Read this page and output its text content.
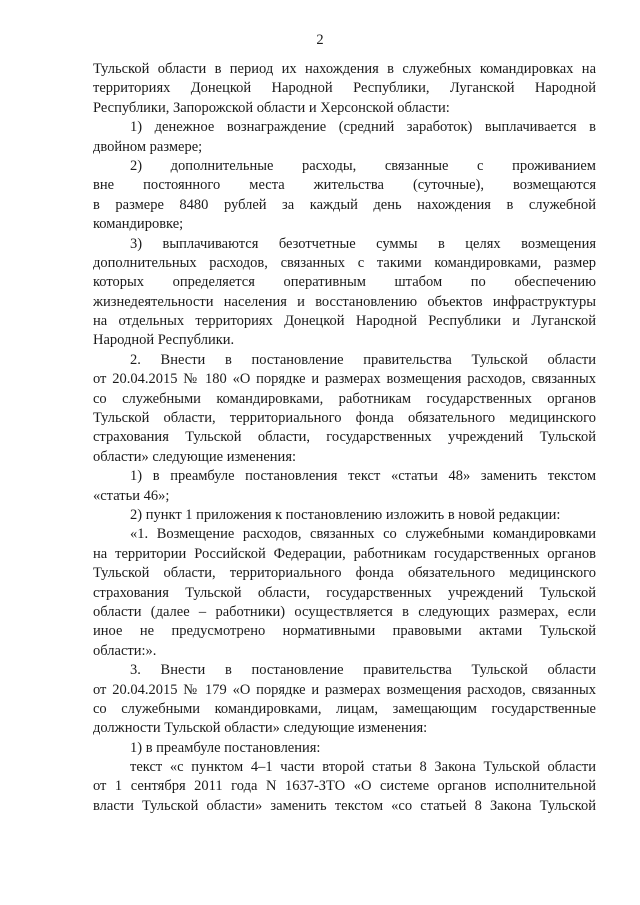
2
Тульской области в период их нахождения в служебных командировках на
территориях Донецкой Народной Республики, Луганской Народной
Республики, Запорожской области и Херсонской области:
1) денежное вознаграждение (средний заработок) выплачивается в
двойном размере;
2) дополнительные расходы, связанные с проживанием
вне постоянного места жительства (суточные), возмещаются
в размере 8480 рублей за каждый день нахождения в служебной
командировке;
3) выплачиваются безотчетные суммы в целях возмещения
дополнительных расходов, связанных с такими командировками, размер
которых определяется оперативным штабом по обеспечению
жизнедеятельности населения и восстановлению объектов инфраструктуры
на отдельных территориях Донецкой Народной Республики и Луганской
Народной Республики.
2. Внести в постановление правительства Тульской области
от 20.04.2015 № 180 «О порядке и размерах возмещения расходов, связанных
со служебными командировками, работникам государственных органов
Тульской области, территориального фонда обязательного медицинского
страхования Тульской области, государственных учреждений Тульской
области» следующие изменения:
1) в преамбуле постановления текст «статьи 48» заменить текстом
«статьи 46»;
2) пункт 1 приложения к постановлению изложить в новой редакции:
«1. Возмещение расходов, связанных со служебными командировками
на территории Российской Федерации, работникам государственных органов
Тульской области, территориального фонда обязательного медицинского
страхования Тульской области, государственных учреждений Тульской
области (далее – работники) осуществляется в следующих размерах, если
иное не предусмотрено нормативными правовыми актами Тульской
области:».
3. Внести в постановление правительства Тульской области
от 20.04.2015 № 179 «О порядке и размерах возмещения расходов, связанных
со служебными командировками, лицам, замещающим государственные
должности Тульской области» следующие изменения:
1) в преамбуле постановления:
текст «с пунктом 4–1 части второй статьи 8 Закона Тульской области
от 1 сентября 2011 года N 1637-ЗТО «О системе органов исполнительной
власти Тульской области» заменить текстом «со статьей 8 Закона Тульской
